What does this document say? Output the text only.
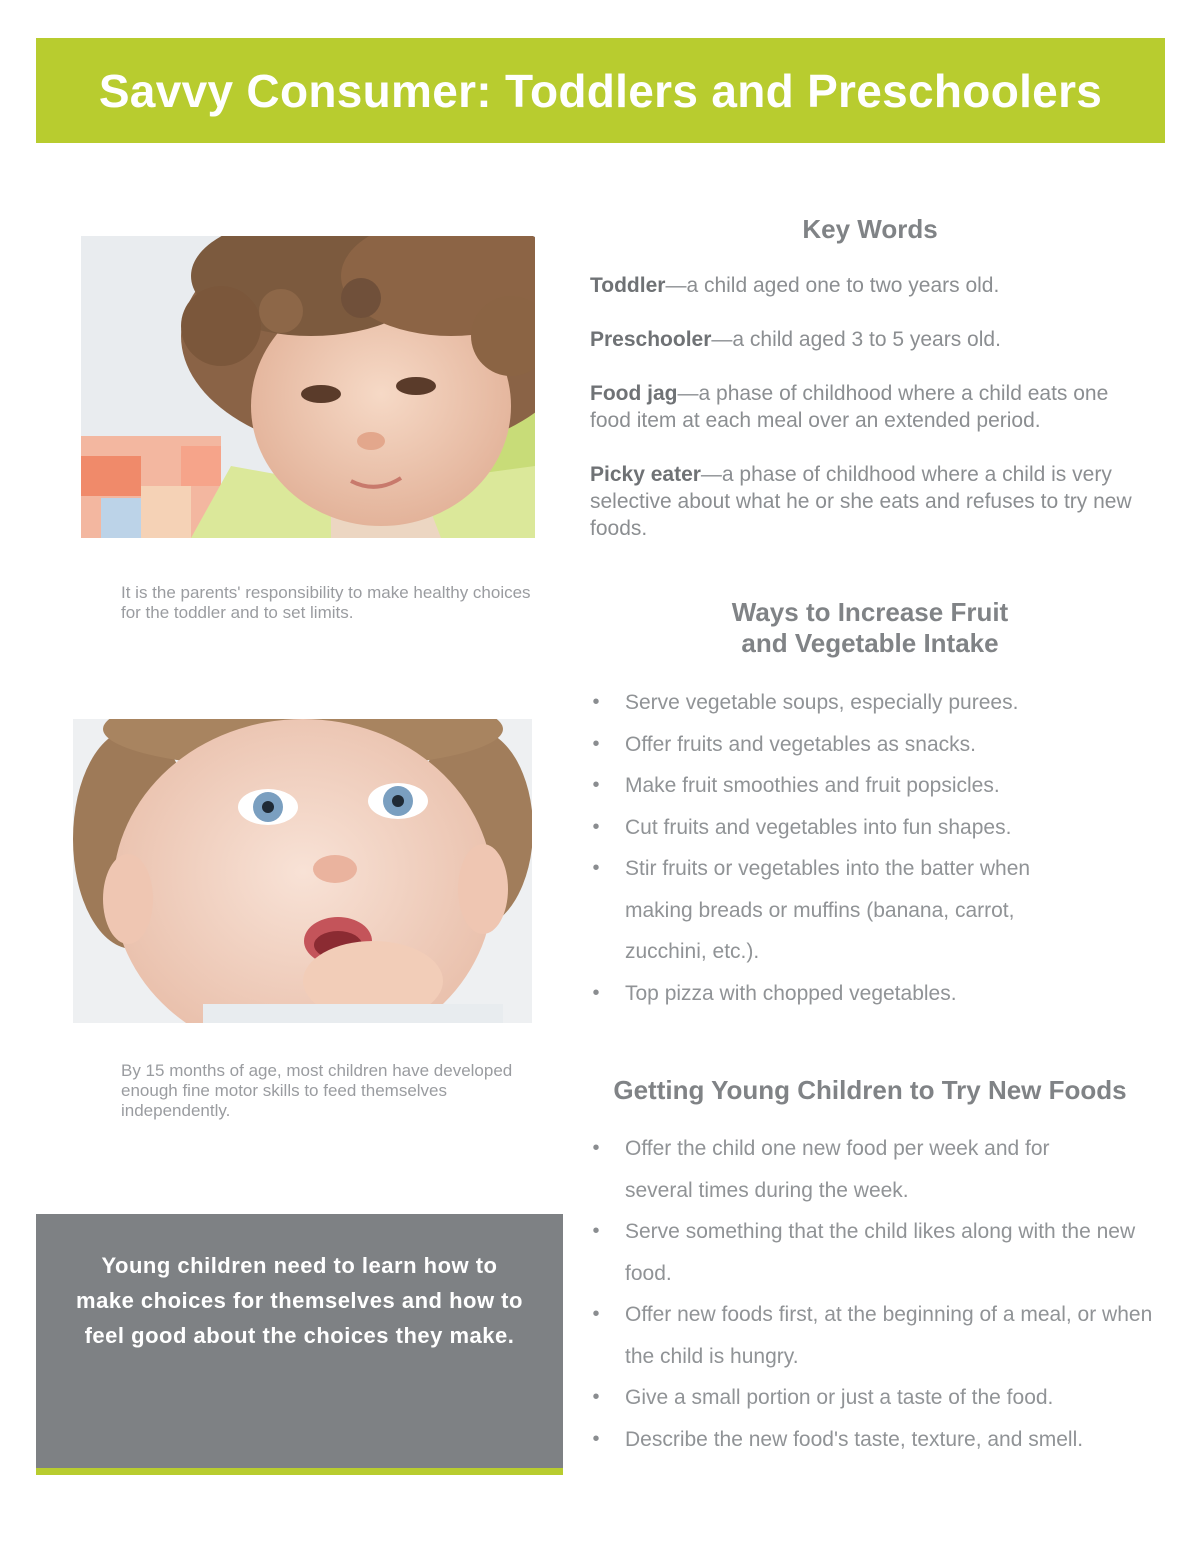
Savvy Consumer: Toddlers and Preschoolers
It is the parents' responsibility to make healthy choices for the toddler and to set limits.
By 15 months of age, most children have developed enough fine motor skills to feed themselves independently.

Young children need to learn how to make choices for themselves and how to feel good about the choices they make.

Key Words

Toddler—a child aged one to two years old.

Preschooler—a child aged 3 to 5 years old.

Food jag—a phase of childhood where a child eats one food item at each meal over an extended period.

Picky eater—a phase of childhood where a child is very selective about what he or she eats and refuses to try new foods.

Ways to Increase Fruit
and Vegetable Intake
• Serve vegetable soups, especially purees.
• Offer fruits and vegetables as snacks.
• Make fruit smoothies and fruit popsicles.
• Cut fruits and vegetables into fun shapes.
• Stir fruits or vegetables into the batter when making breads or muffins (banana, carrot, zucchini, etc.).
• Top pizza with chopped vegetables.
Getting Young Children to Try New Foods
• Offer the child one new food per week and for several times during the week.
• Serve something that the child likes along with the new food.
• Offer new foods first, at the beginning of a meal, or when the child is hungry.
• Give a small portion or just a taste of the food.
• Describe the new food's taste, texture, and smell.
